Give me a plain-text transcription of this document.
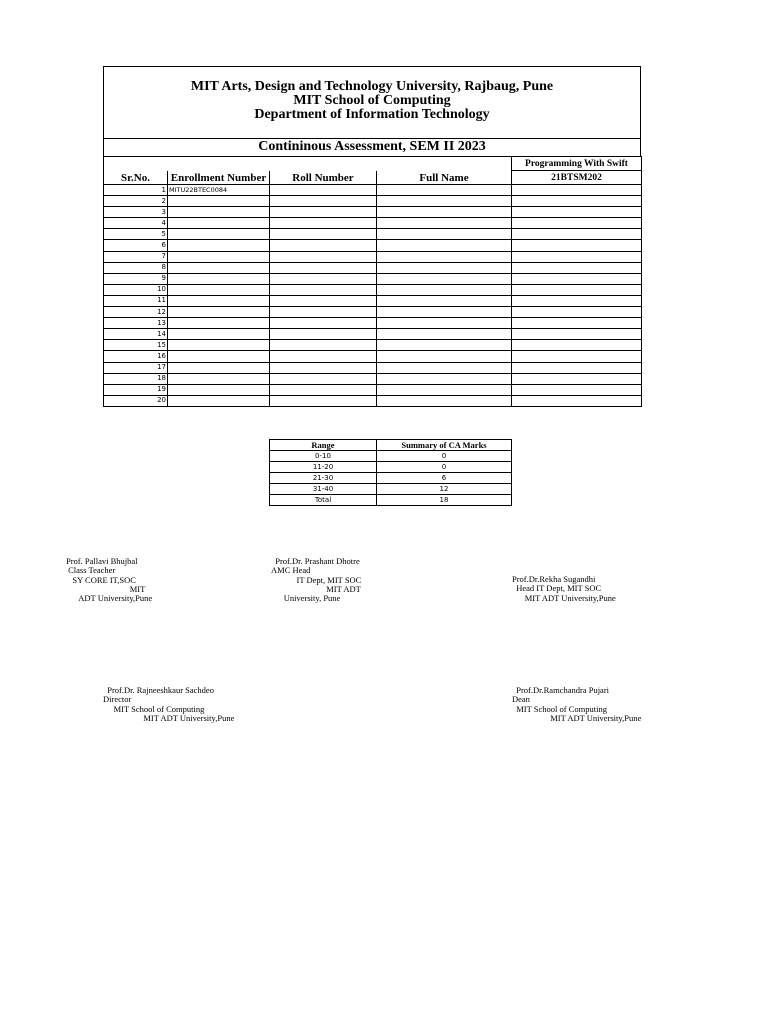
MIT Arts, Design and Technology University, Rajbaug, Pune
MIT School of Computing
Department of Information Technology
Contininous Assessment, SEM II 2023
				Programming With Swift
Sr.No.	Enrollment Number	Roll Number	Full Name	21BTSM202
1	MITU22BTEC0084			
2				
3				
4				
5				
6				
7				
8				
9				
10				
11				
12				
13				
14				
15				
16				
17				
18				
19				
20				
Range	Summary of CA Marks
0-10	0
11-20	0
21-30	6
31-40	12
Total	18
Prof. Pallavi Bhujbal
Class Teacher
SY CORE IT,SOC
MIT
ADT University,Pune
Prof.Dr. Prashant Dhotre
AMC Head
IT Dept, MIT SOC
MIT ADT
University, Pune
Prof.Dr.Rekha Sugandhi
Head IT Dept, MIT SOC
MIT ADT University,Pune
Prof.Dr. Rajneeshkaur Sachdeo
Director
MIT School of Computing
MIT ADT University,Pune
Prof.Dr.Ramchandra Pujari
Dean
MIT School of Computing
MIT ADT University,Pune
